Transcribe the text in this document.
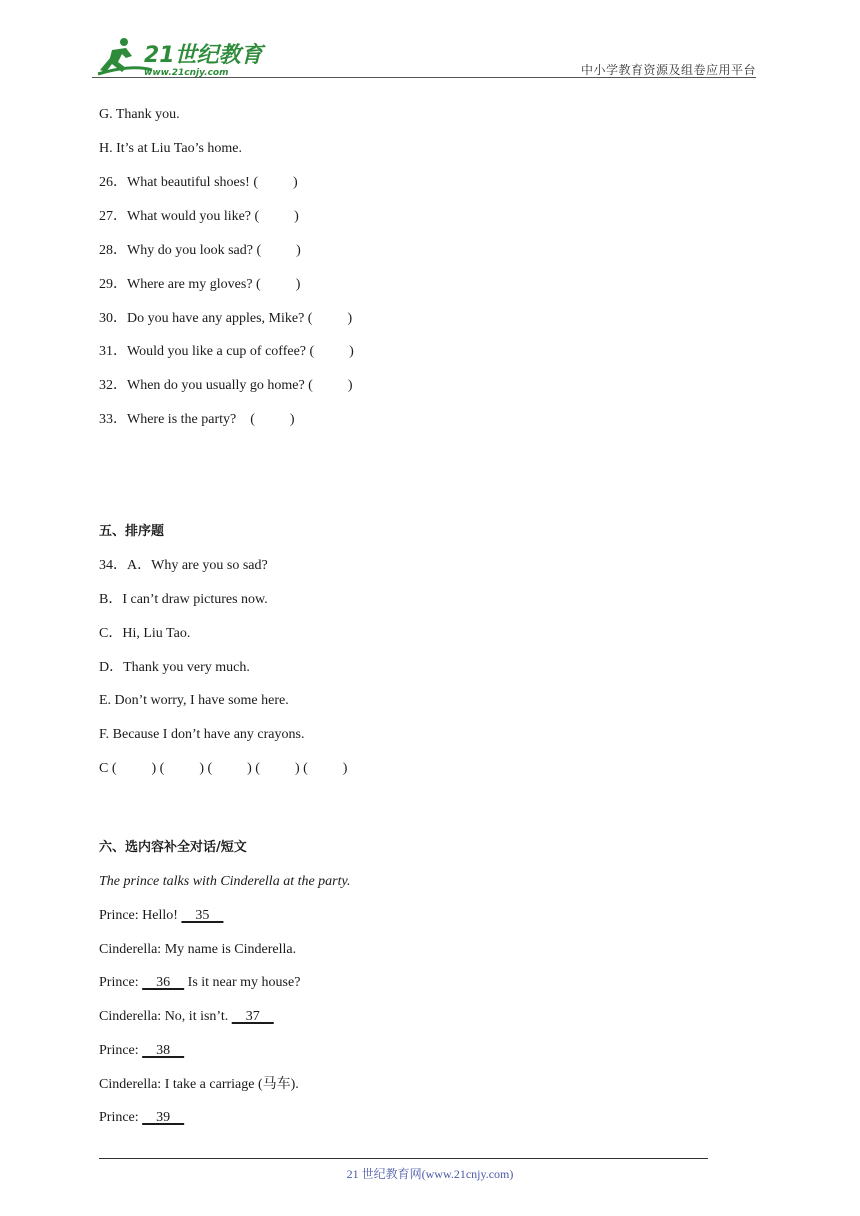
21世纪教育
www.21cnjy.com	中小学教育资源及组卷应用平台
G. Thank you.
H. It’s at Liu Tao’s home.
26．What beautiful shoes! (          )
27．What would you like? (          )
28．Why do you look sad? (          )
29．Where are my gloves? (          )
30．Do you have any apples, Mike? (          )
31．Would you like a cup of coffee? (          )
32．When do you usually go home? (          )
33．Where is the party?    (          )
五、排序题
34．A．Why are you so sad?
B．I can’t draw pictures now.
C．Hi, Liu Tao.
D．Thank you very much.
E. Don’t worry, I have some here.
F. Because I don’t have any crayons.
C (          ) (          ) (          ) (          ) (          )
六、选内容补全对话/短文
The prince talks with Cinderella at the party.
Prince: Hello!     35
Cinderella: My name is Cinderella.
Prince:     36     Is it near my house?
Cinderella: No, it isn’t.     37
Prince:     38
Cinderella: I take a carriage (马车).
Prince:     39
21 世纪教育网(www.21cnjy.com)
